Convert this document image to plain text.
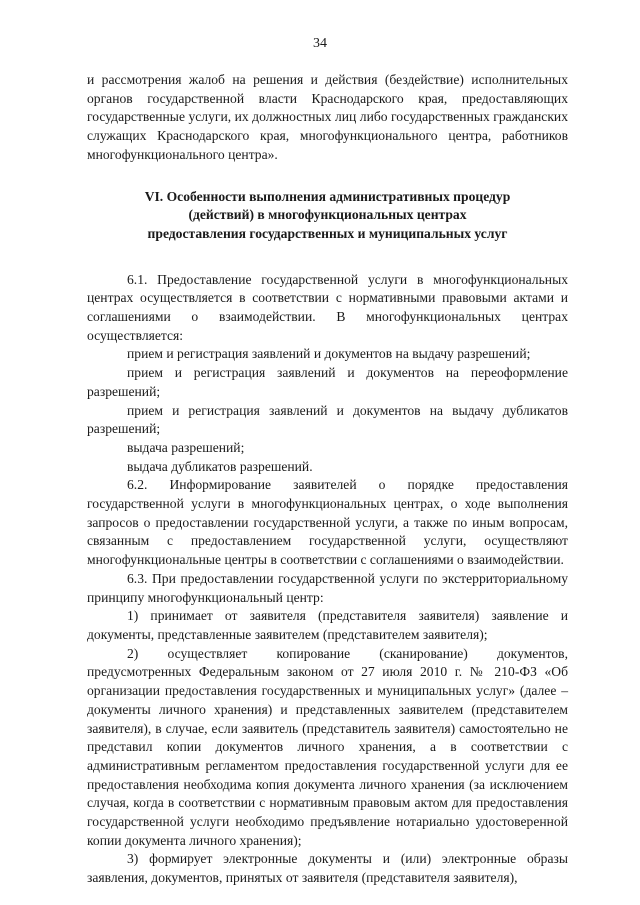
34

и рассмотрения жалоб на решения и действия (бездействие) исполнительных органов государственной власти Краснодарского края, предоставляющих государственные услуги, их должностных лиц либо государственных гражданских служащих Краснодарского края, многофункционального центра, работников многофункционального центра».

VI. Особенности выполнения административных процедур
(действий) в многофункциональных центрах
предоставления государственных и муниципальных услуг

6.1. Предоставление государственной услуги в многофункциональных центрах осуществляется в соответствии с нормативными правовыми актами и соглашениями о взаимодействии. В многофункциональных центрах осуществляется:

прием и регистрация заявлений и документов на выдачу разрешений;

прием и регистрация заявлений и документов на переоформление разрешений;

прием и регистрация заявлений и документов на выдачу дубликатов разрешений;

выдача разрешений;

выдача дубликатов разрешений.

6.2. Информирование заявителей о порядке предоставления государственной услуги в многофункциональных центрах, о ходе выполнения запросов о предоставлении государственной услуги, а также по иным вопросам, связанным с предоставлением государственной услуги, осуществляют многофункциональные центры в соответствии с соглашениями о взаимодействии.

6.3. При предоставлении государственной услуги по экстерриториальному принципу многофункциональный центр:

1) принимает от заявителя (представителя заявителя) заявление и документы, представленные заявителем (представителем заявителя);

2) осуществляет копирование (сканирование) документов, предусмотренных Федеральным законом от 27 июля 2010 г. № 210-ФЗ «Об организации предоставления государственных и муниципальных услуг» (далее – документы личного хранения) и представленных заявителем (представителем заявителя), в случае, если заявитель (представитель заявителя) самостоятельно не представил копии документов личного хранения, а в соответствии с административным регламентом предоставления государственной услуги для ее предоставления необходима копия документа личного хранения (за исключением случая, когда в соответствии с нормативным правовым актом для предоставления государственной услуги необходимо предъявление нотариально удостоверенной копии документа личного хранения);

3) формирует электронные документы и (или) электронные образы заявления, документов, принятых от заявителя (представителя заявителя),
